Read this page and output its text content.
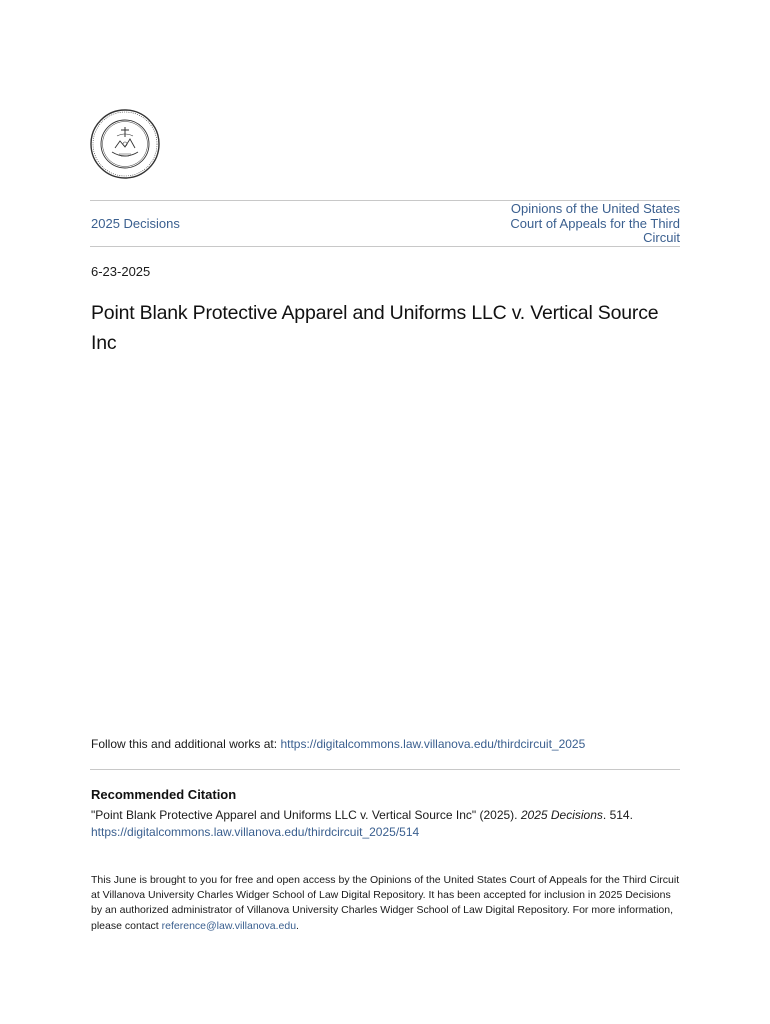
2025 Decisions
Opinions of the United States Court of Appeals for the Third Circuit
6-23-2025
Point Blank Protective Apparel and Uniforms LLC v. Vertical Source Inc
Follow this and additional works at: https://digitalcommons.law.villanova.edu/thirdcircuit_2025
Recommended Citation
"Point Blank Protective Apparel and Uniforms LLC v. Vertical Source Inc" (2025). 2025 Decisions. 514.
https://digitalcommons.law.villanova.edu/thirdcircuit_2025/514
This June is brought to you for free and open access by the Opinions of the United States Court of Appeals for the Third Circuit at Villanova University Charles Widger School of Law Digital Repository. It has been accepted for inclusion in 2025 Decisions by an authorized administrator of Villanova University Charles Widger School of Law Digital Repository. For more information, please contact reference@law.villanova.edu.
